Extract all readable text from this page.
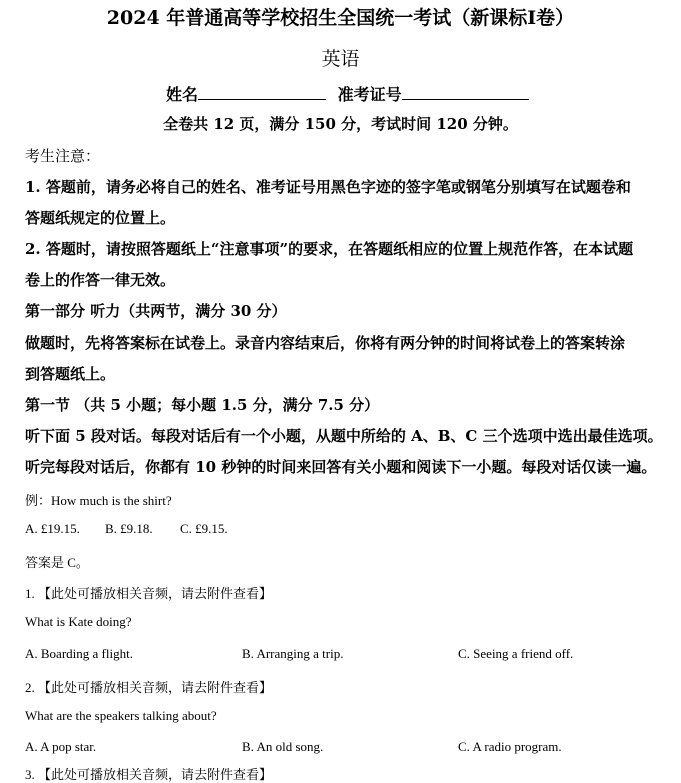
2024 年普通高等学校招生全国统一考试（新课标Ⅰ卷）
英语
姓名	准考证号
全卷共 12 页，满分 150 分，考试时间 120 分钟。
考生注意：
1. 答题前，请务必将自己的姓名、准考证号用黑色字迹的签字笔或钢笔分别填写在试题卷和
答题纸规定的位置上。
2. 答题时，请按照答题纸上“注意事项”的要求，在答题纸相应的位置上规范作答，在本试题
卷上的作答一律无效。
第一部分 听力（共两节，满分 30 分）
做题时，先将答案标在试卷上。录音内容结束后，你将有两分钟的时间将试卷上的答案转涂
到答题纸上。
第一节 （共 5 小题；每小题 1.5 分，满分 7.5 分）
听下面 5 段对话。每段对话后有一个小题，从题中所给的 A、B、C 三个选项中选出最佳选项。
听完每段对话后，你都有 10 秒钟的时间来回答有关小题和阅读下一小题。每段对话仅读一遍。
例：How much is the shirt?
A. £19.15. B. £9.18. C. £9.15.
答案是 C。
1. 【此处可播放相关音频，请去附件查看】
What is Kate doing?
A. Boarding a flight.	B. Arranging a trip.	C. Seeing a friend off.
2. 【此处可播放相关音频，请去附件查看】
What are the speakers talking about?
A. A pop star.	B. An old song.	C. A radio program.
3. 【此处可播放相关音频，请去附件查看】
